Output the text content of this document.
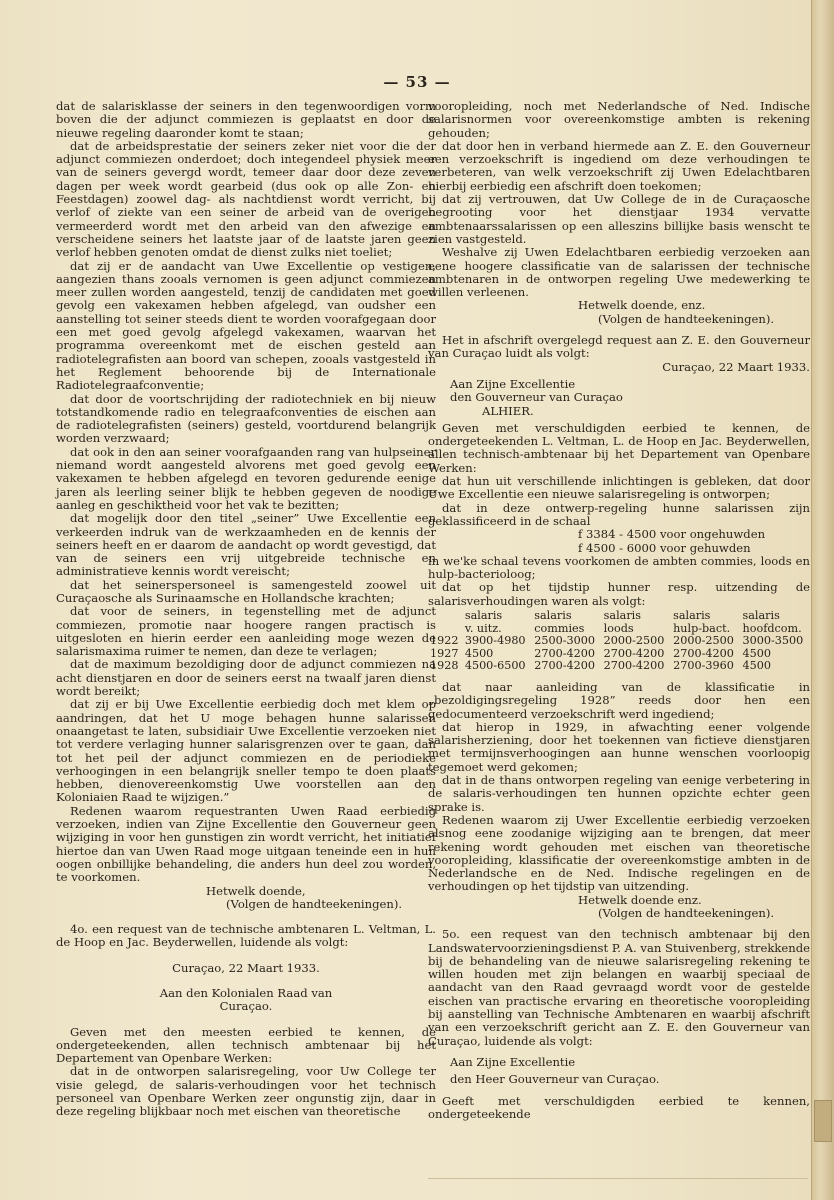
— 53 —

dat de salarisklasse der seiners in den tegenwoordigen vorm boven die der adjunct commiezen is geplaatst en door de nieuwe regeling daaronder komt te staan;

dat de arbeidsprestatie der seiners zeker niet voor die der adjunct commiezen onderdoet; doch integendeel physiek meer van de seiners gevergd wordt, temeer daar door deze zeven dagen per week wordt gearbeid (dus ook op alle Zon- en Feestdagen) zoowel dag- als nachtdienst wordt verricht, bij verlof of ziekte van een seiner de arbeid van de overigen vermeerderd wordt met den arbeid van den afwezige en verscheidene seiners het laatste jaar of de laatste jaren geen verlof hebben genoten omdat de dienst zulks niet toeliet;

dat zij er de aandacht van Uwe Excellentie op vestigen, aangezien thans zooals vernomen is geen adjunct commiezen meer zullen worden aangesteld, tenzij de candidaten met goed gevolg een vakexamen hebben afgelegd, van oudsher een aanstelling tot seiner steeds dient te worden voorafgegaan door een met goed gevolg afgelegd vakexamen, waarvan het programma overeenkomt met de eischen gesteld aan radiotelegrafisten aan boord van schepen, zooals vastgesteld in het Reglement behoorende bij de Internationale Radiotelegraafconventie;

dat door de voortschrijding der radiotechniek en bij nieuw totstandkomende radio en telegraafconventies de eischen aan de radiotelegrafisten (seiners) gesteld, voortdurend belangrijk worden verzwaard;

dat ook in den aan seiner voorafgaanden rang van hulpseiner niemand wordt aangesteld alvorens met goed gevolg een vakexamen te hebben afgelegd en tevoren gedurende eenige jaren als leerling seiner blijk te hebben gegeven de noodige aanleg en geschiktheid voor het vak te bezitten;

dat mogelijk door den titel „seiner” Uwe Excellentie een verkeerden indruk van de werkzaamheden en de kennis der seiners heeft en er daarom de aandacht op wordt gevestigd, dat van de seiners een vrij uitgebreide technische en administratieve kennis wordt vereischt;

dat het seinerspersoneel is samengesteld zoowel uit Curaçaosche als Surinaamsche en Hollandsche krachten;

dat voor de seiners, in tegenstelling met de adjunct commiezen, promotie naar hoogere rangen practisch is uitgesloten en hierin eerder een aanleiding moge wezen de salarismaxima ruimer te nemen, dan deze te verlagen;

dat de maximum bezoldiging door de adjunct commiezen na acht dienstjaren en door de seiners eerst na twaalf jaren dienst wordt bereikt;

dat zij er bij Uwe Excellentie eerbiedig doch met klem op aandringen, dat het U moge behagen hunne salarissen onaangetast te laten, subsidiair Uwe Excellentie verzoeken niet tot verdere verlaging hunner salarisgrenzen over te gaan, dan tot het peil der adjunct commiezen en de periodieke verhoogingen in een belangrijk sneller tempo te doen plaats hebben, dienovereenkomstig Uwe voorstellen aan den Koloniaien Raad te wijzigen.”

Redenen waarom requestranten Uwen Raad eerbiedig verzoeken, indien van Zijne Excellentie den Gouverneur geen wijziging in voor hen gunstigen zin wordt verricht, het initiatief hiertoe dan van Uwen Raad moge uitgaan teneinde een in hun oogen onbillijke behandeling, die anders hun deel zou worden, te voorkomen.

Hetwelk doende,

(Volgen de handteekeningen).

4o. een request van de technische ambtenaren L. Veltman, L. de Hoop en Jac. Beyderwellen, luidende als volgt:

Curaçao, 22 Maart 1933.

Aan den Kolonialen Raad van

Curaçao.

Geven met den meesten eerbied te kennen, de ondergeteekenden, allen technisch ambtenaar bij het Departement van Openbare Werken:

dat in de ontworpen salarisregeling, voor Uw College ter visie gelegd, de salaris-verhoudingen voor het technisch personeel van Openbare Werken zeer ongunstig zijn, daar in deze regeling blijkbaar noch met eischen van theoretische

vooropleiding, noch met Nederlandsche of Ned. Indische salarisnormen voor overeenkomstige ambten is rekening gehouden;

dat door hen in verband hiermede aan Z. E. den Gouverneur een verzoekschrift is ingediend om deze verhoudingen te verbeteren, van welk verzoekschrift zij Uwen Edelachtbaren hierbij eerbiedig een afschrift doen toekomen;

dat zij vertrouwen, dat Uw College de in de Curaçaosche begrooting voor het dienstjaar 1934 vervatte ambtenaarssalarissen op een alleszins billijke basis wenscht te zien vastgesteld.

Weshalve zij Uwen Edelachtbaren eerbiedig verzoeken aan eene hoogere classificatie van de salarissen der technische ambtenaren in de ontworpen regeling Uwe medewerking te willen verleenen.

Hetwelk doende, enz.

(Volgen de handteekeningen).

Het in afschrift overgelegd request aan Z. E. den Gouverneur van Curaçao luidt als volgt:

Curaçao, 22 Maart 1933.

Aan Zijne Excellentie

den Gouverneur van Curaçao

ALHIER.

Geven met verschuldigden eerbied te kennen, de ondergeteekenden L. Veltman, L. de Hoop en Jac. Beyderwellen, allen technisch-ambtenaar bij het Departement van Openbare Werken:

dat hun uit verschillende inlichtingen is gebleken, dat door Uwe Excellentie een nieuwe salarisregeling is ontworpen;

dat in deze ontwerp-regeling hunne salarissen zijn geklassificeerd in de schaal

f 3384 - 4500 voor ongehuwden

f 4500 - 6000 voor gehuwden

in we'ke schaal tevens voorkomen de ambten commies, loods en hulp-bacterioloog;

dat op het tijdstip hunner resp. uitzending de salarisverhoudingen waren als volgt:

	salaris	salaris	salaris	salaris	salaris
	v. uitz.	commies	loods	hulp-bact.	hoofdcom.
1922	3900-4980	2500-3000	2000-2500	2000-2500	3000-3500
1927	4500	2700-4200	2700-4200	2700-4200	4500
1928	4500-6500	2700-4200	2700-4200	2700-3960	4500

dat naar aanleiding van de klassificatie in „bezoldigingsregeling 1928” reeds door hen een gedocumenteerd verzoekschrift werd ingediend;

dat hierop in 1929, in afwachting eener volgende salarisherziening, door het toekennen van fictieve dienstjaren met termijnsverhoogingen aan hunne wenschen voorloopig tegemoet werd gekomen;

dat in de thans ontworpen regeling van eenige verbetering in de salaris-verhoudingen ten hunnen opzichte echter geen sprake is.

Redenen waarom zij Uwer Excellentie eerbiedig verzoeken alsnog eene zoodanige wijziging aan te brengen, dat meer rekening wordt gehouden met eischen van theoretische vooropleiding, klassificatie der overeenkomstige ambten in de Nederlandsche en de Ned. Indische regelingen en de verhoudingen op het tijdstip van uitzending.

Hetwelk doende enz.

(Volgen de handteekeningen).

5o. een request van den technisch ambtenaar bij den Landswatervoorzieningsdienst P. A. van Stuivenberg, strekkende bij de behandeling van de nieuwe salarisregeling rekening te willen houden met zijn belangen en waarbij speciaal de aandacht van den Raad gevraagd wordt voor de gestelde eischen van practische ervaring en theoretische vooropleiding bij aanstelling van Technische Ambtenaren en waarbij afschrift van een verzoekschrift gericht aan Z. E. den Gouverneur van Curaçao, luidende als volgt:

Aan Zijne Excellentie

den Heer Gouverneur van Curaçao.

Geeft met verschuldigden eerbied te kennen, ondergeteekende
